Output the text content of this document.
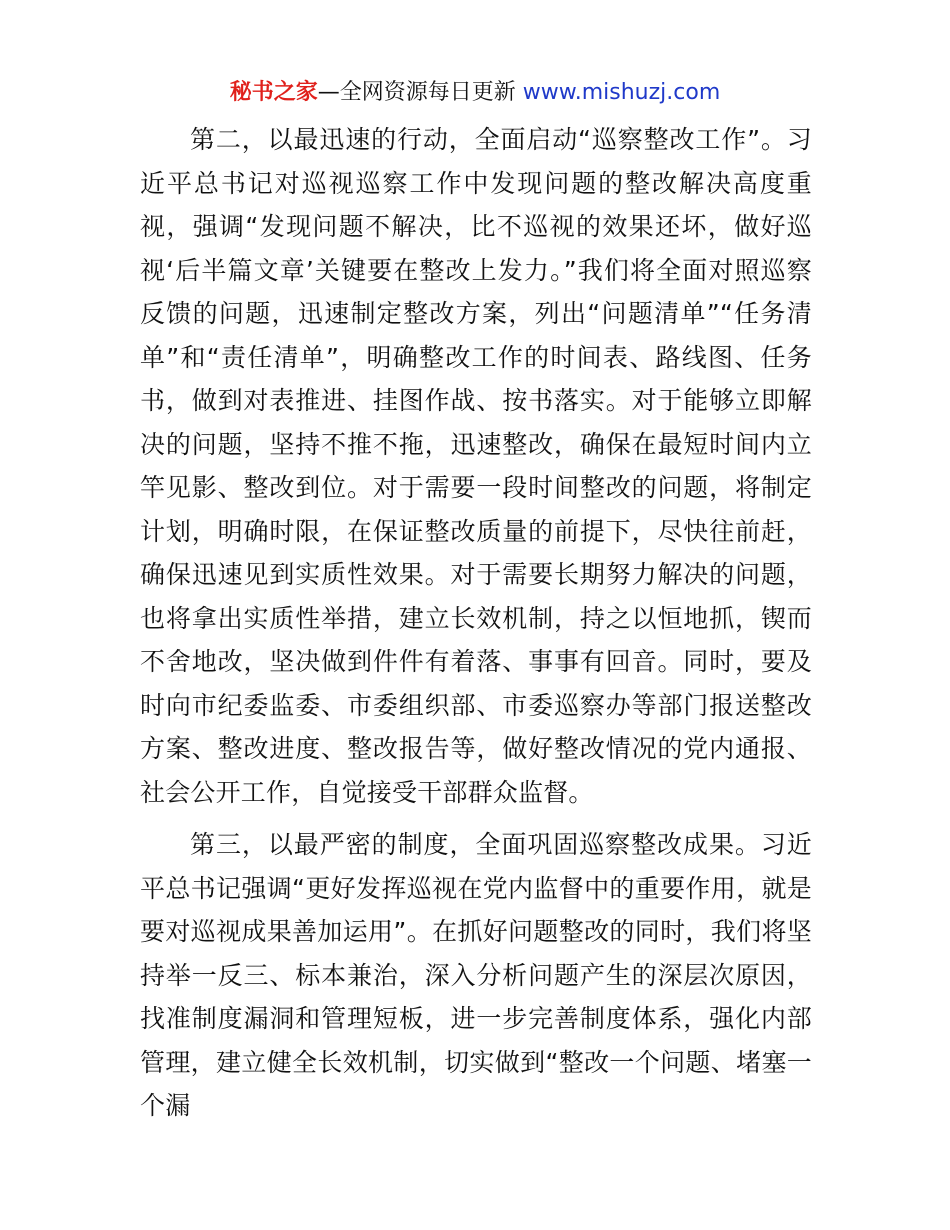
秘书之家—全网资源每日更新 www.mishuzj.com

第二，以最迅速的行动，全面启动“巡察整改工作”。习近平总书记对巡视巡察工作中发现问题的整改解决高度重视，强调“发现问题不解决，比不巡视的效果还坏，做好巡视‘后半篇文章’关键要在整改上发力。”我们将全面对照巡察反馈的问题，迅速制定整改方案，列出“问题清单”“任务清单”和“责任清单”，明确整改工作的时间表、路线图、任务书，做到对表推进、挂图作战、按书落实。对于能够立即解决的问题，坚持不推不拖，迅速整改，确保在最短时间内立竿见影、整改到位。对于需要一段时间整改的问题，将制定计划，明确时限，在保证整改质量的前提下，尽快往前赶，确保迅速见到实质性效果。对于需要长期努力解决的问题，也将拿出实质性举措，建立长效机制，持之以恒地抓，锲而不舍地改，坚决做到件件有着落、事事有回音。同时，要及时向市纪委监委、市委组织部、市委巡察办等部门报送整改方案、整改进度、整改报告等，做好整改情况的党内通报、社会公开工作，自觉接受干部群众监督。

第三，以最严密的制度，全面巩固巡察整改成果。习近平总书记强调“更好发挥巡视在党内监督中的重要作用，就是要对巡视成果善加运用”。在抓好问题整改的同时，我们将坚持举一反三、标本兼治，深入分析问题产生的深层次原因，找准制度漏洞和管理短板，进一步完善制度体系，强化内部管理，建立健全长效机制，切实做到“整改一个问题、堵塞一个漏
